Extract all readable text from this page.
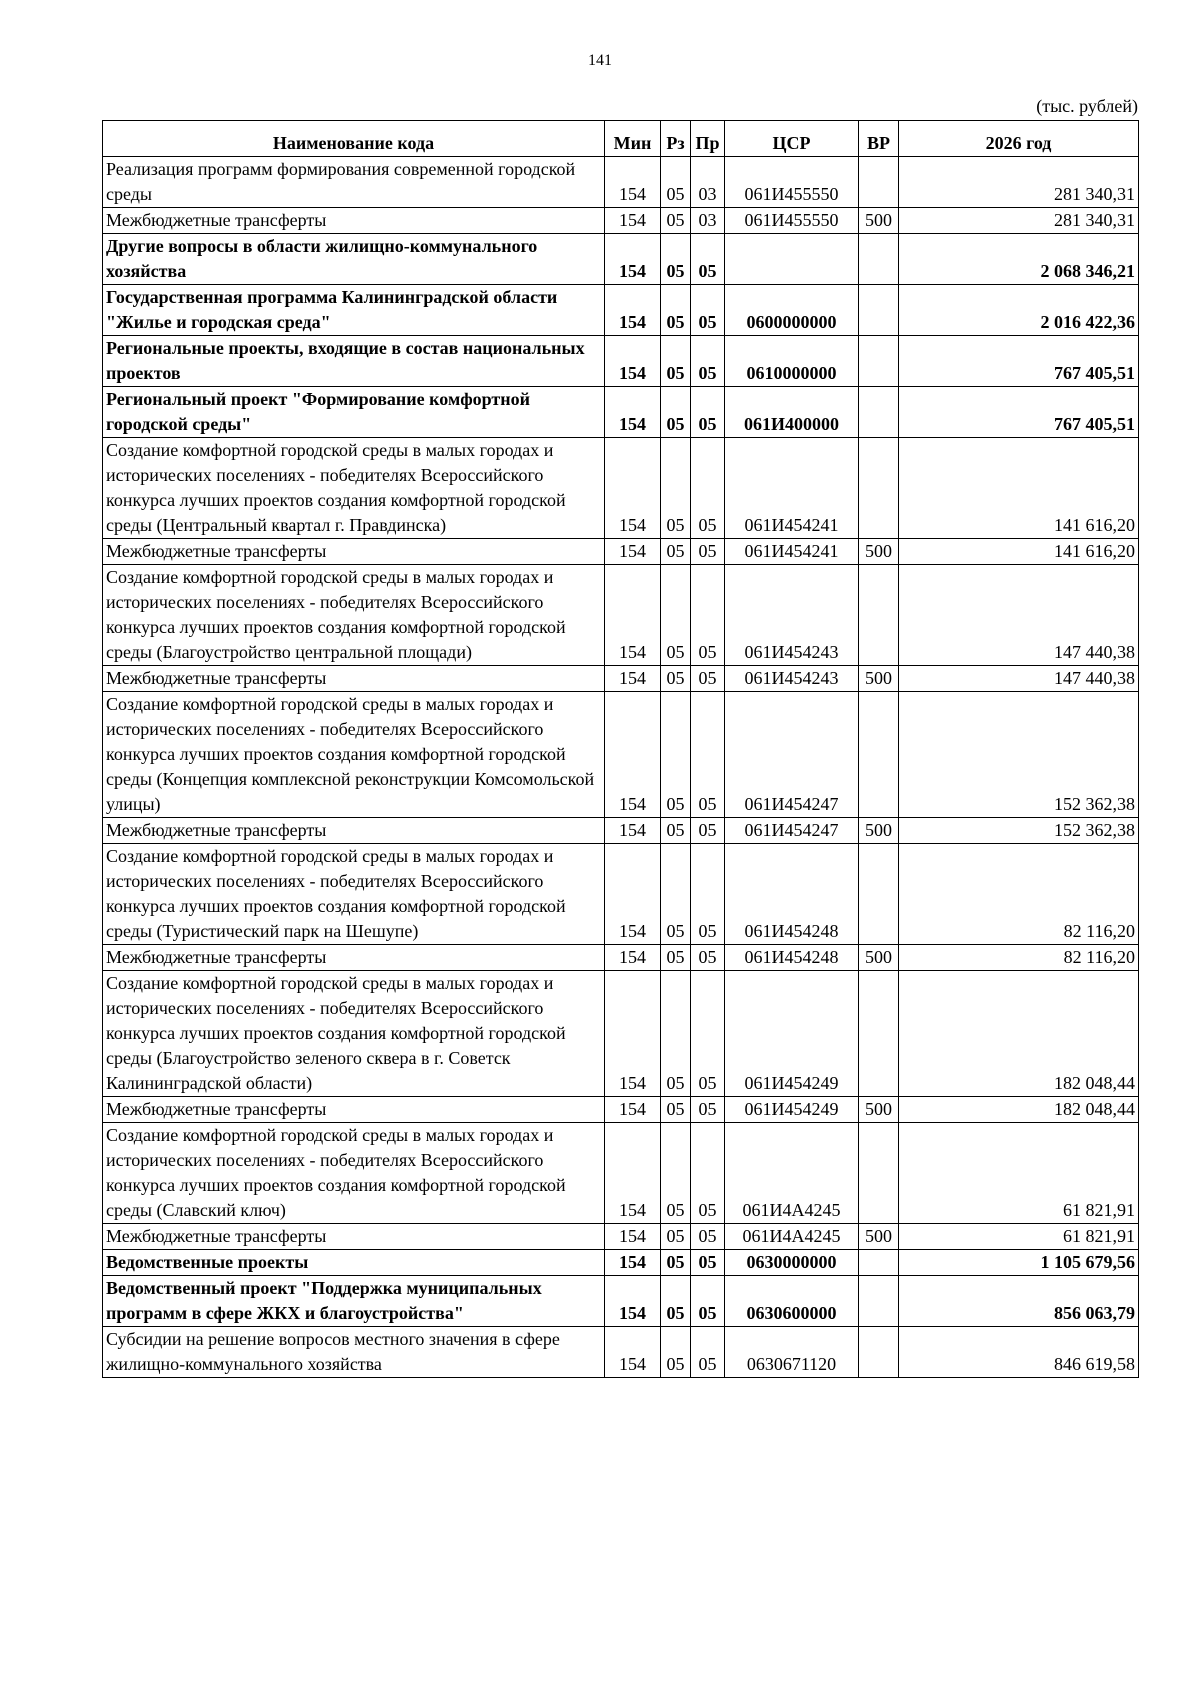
141
(тыс. рублей)
Наименование кода	Мин	Рз	Пр	ЦСР	ВР	2026 год
Реализация программ формирования современной городской среды	154	05	03	061И455550		281 340,31
Межбюджетные трансферты	154	05	03	061И455550	500	281 340,31
Другие вопросы в области жилищно-коммунального хозяйства	154	05	05			2 068 346,21
Государственная программа Калининградской области "Жилье и городская среда"	154	05	05	0600000000		2 016 422,36
Региональные проекты, входящие в состав национальных проектов	154	05	05	0610000000		767 405,51
Региональный проект "Формирование комфортной городской среды"	154	05	05	061И400000		767 405,51
Создание комфортной городской среды в малых городах и исторических поселениях - победителях Всероссийского конкурса лучших проектов создания комфортной городской среды (Центральный квартал г. Правдинска)	154	05	05	061И454241		141 616,20
Межбюджетные трансферты	154	05	05	061И454241	500	141 616,20
Создание комфортной городской среды в малых городах и исторических поселениях - победителях Всероссийского конкурса лучших проектов создания комфортной городской среды (Благоустройство центральной площади)	154	05	05	061И454243		147 440,38
Межбюджетные трансферты	154	05	05	061И454243	500	147 440,38
Создание комфортной городской среды в малых городах и исторических поселениях - победителях Всероссийского конкурса лучших проектов создания комфортной городской среды (Концепция комплексной реконструкции Комсомольской улицы)	154	05	05	061И454247		152 362,38
Межбюджетные трансферты	154	05	05	061И454247	500	152 362,38
Создание комфортной городской среды в малых городах и исторических поселениях - победителях Всероссийского конкурса лучших проектов создания комфортной городской среды (Туристический парк на Шешупе)	154	05	05	061И454248		82 116,20
Межбюджетные трансферты	154	05	05	061И454248	500	82 116,20
Создание комфортной городской среды в малых городах и исторических поселениях - победителях Всероссийского конкурса лучших проектов создания комфортной городской среды (Благоустройство зеленого сквера в г. Советск Калининградской области)	154	05	05	061И454249		182 048,44
Межбюджетные трансферты	154	05	05	061И454249	500	182 048,44
Создание комфортной городской среды в малых городах и исторических поселениях - победителях Всероссийского конкурса лучших проектов создания комфортной городской среды (Славский ключ)	154	05	05	061И4А4245		61 821,91
Межбюджетные трансферты	154	05	05	061И4А4245	500	61 821,91
Ведомственные проекты	154	05	05	0630000000		1 105 679,56
Ведомственный проект "Поддержка муниципальных программ в сфере ЖКХ и благоустройства"	154	05	05	0630600000		856 063,79
Субсидии на решение вопросов местного значения в сфере жилищно-коммунального хозяйства	154	05	05	0630671120		846 619,58
